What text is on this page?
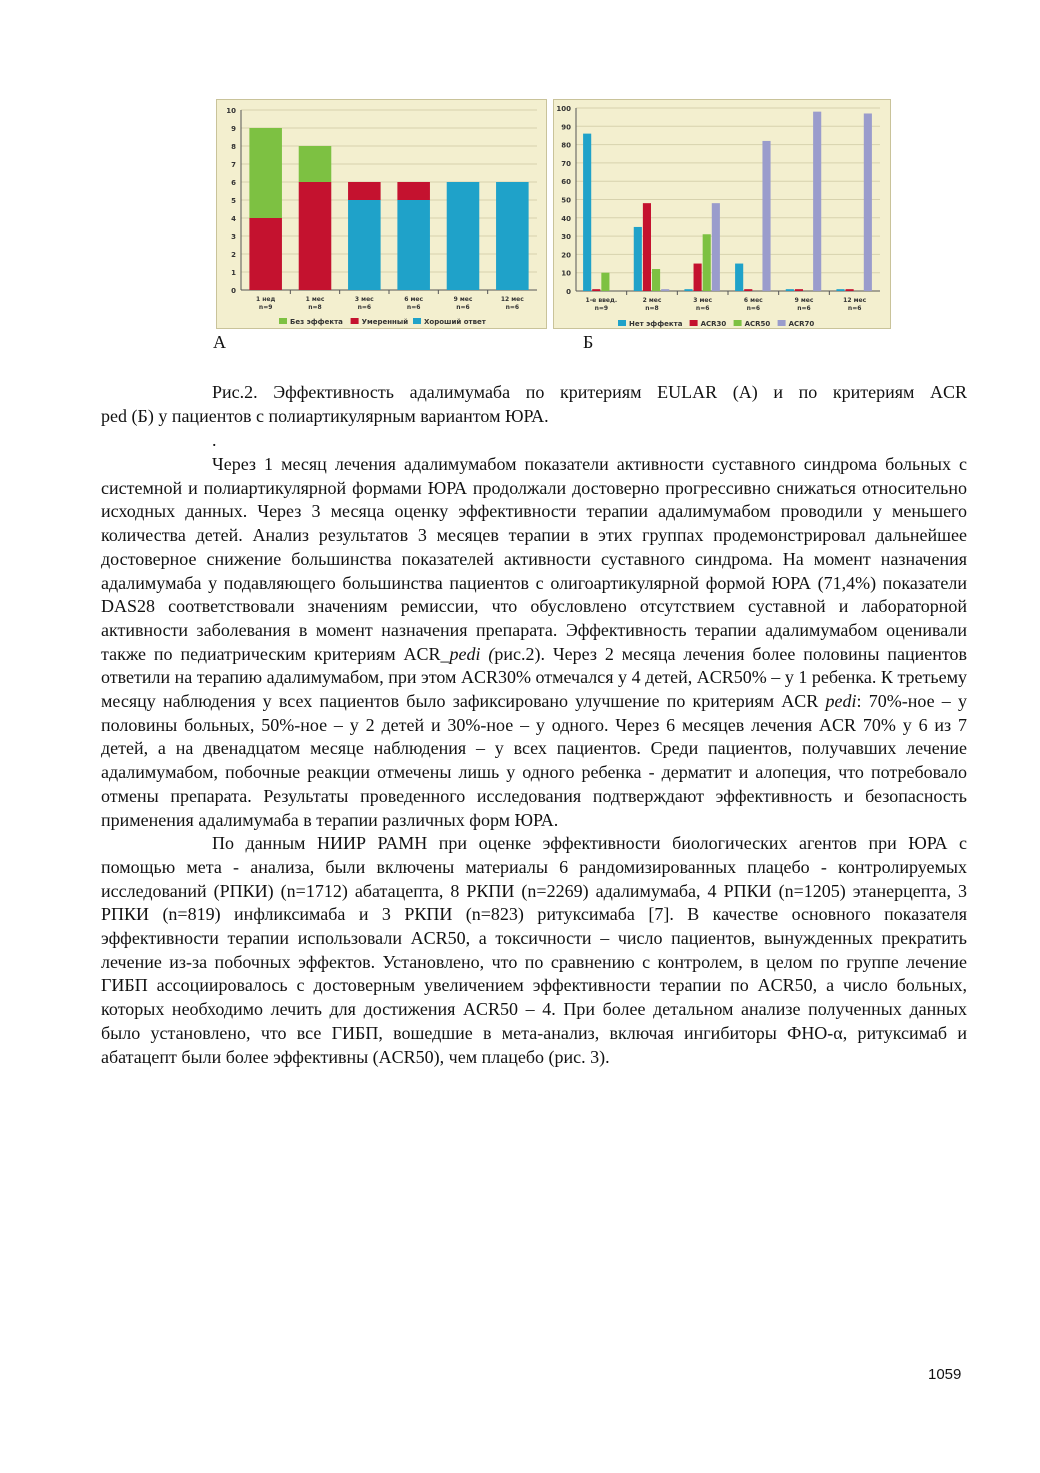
0
1
2
3
4
5
6
7
8
9
10
1 нед
n=9
1 мес
n=8
3 мес
n=6
6 мес
n=6
9 мес
n=6
12 мес
n=6
Без эффекта	Умеренный Хороший ответ
0
10
20
30
40
50
60
70
80
90
100
1-е введ.
n=9
2 мес
n=8
3 мес
n=6
6 мес
n=6
9 мес
n=6
12 мес
n=6
Нет эффекта	ACR30	ACR50	ACR70
А	Б
Рис.2. Эффективность адалимумаба по критериям EULAR (А) и по критериям ACR
ped (Б) у пациентов с полиартикулярным вариантом ЮРА.
.

Через 1 месяц лечения адалимумабом показатели активности суставного синдрома больных с системной и полиартикулярной формами ЮРА продолжали достоверно прогрессивно снижаться относительно исходных данных. Через 3 месяца оценку эффективности терапии адалимумабом проводили у меньшего количества детей. Анализ результатов 3 месяцев терапии в этих группах продемонстрировал дальнейшее достоверное снижение большинства показателей активности суставного синдрома. На момент назначения адалимумаба у подавляющего большинства пациентов с олигоартикулярной формой ЮРА (71,4%) показатели DAS28 соответствовали значениям ремиссии, что обусловлено отсутствием суставной и лабораторной активности заболевания в момент назначения препарата. Эффективность терапии адалимумабом оценивали также по педиатрическим критериям ACR_pedi (рис.2). Через 2 месяца лечения более половины пациентов ответили на терапию адалимумабом, при этом ACR30% отмечался у 4 детей, ACR50% – у 1 ребенка. К третьему месяцу наблюдения у всех пациентов было зафиксировано улучшение по критериям ACR pedi: 70%-ное – у половины больных, 50%-ное – у 2 детей и 30%-ное – у одного. Через 6 месяцев лечения ACR 70% у 6 из 7 детей, а на двенадцатом месяце наблюдения – у всех пациентов. Среди пациентов, получавших лечение адалимумабом, побочные реакции отмечены лишь у одного ребенка - дерматит и алопеция, что потребовало отмены препарата. Результаты проведенного исследования подтверждают эффективность и безопасность применения адалимумаба в терапии различных форм ЮРА.

По данным НИИР РАМН при оценке эффективности биологических агентов при ЮРА с помощью мета - анализа, были включены материалы 6 рандомизированных плацебо - контролируемых исследований (РПКИ) (n=1712) абатацепта, 8 РКПИ (n=2269) адалимумаба, 4 РПКИ (n=1205) этанерцепта, 3 РПКИ (n=819) инфликсимаба и 3 РКПИ (n=823) ритуксимаба [7]. В качестве основного показателя эффективности терапии использовали ACR50, а токсичности – число пациентов, вынужденных прекратить лечение из-за побочных эффектов. Установлено, что по сравнению с контролем, в целом по группе лечение ГИБП ассоциировалось с достоверным увеличением эффективности терапии по ACR50, а число больных, которых необходимо лечить для достижения ACR50 – 4. При более детальном анализе полученных данных было установлено, что все ГИБП, вошедшие в мета-анализ, включая ингибиторы ФНО-α, ритуксимаб и абатацепт были более эффективны (ACR50), чем плацебо (рис. 3).

1059
